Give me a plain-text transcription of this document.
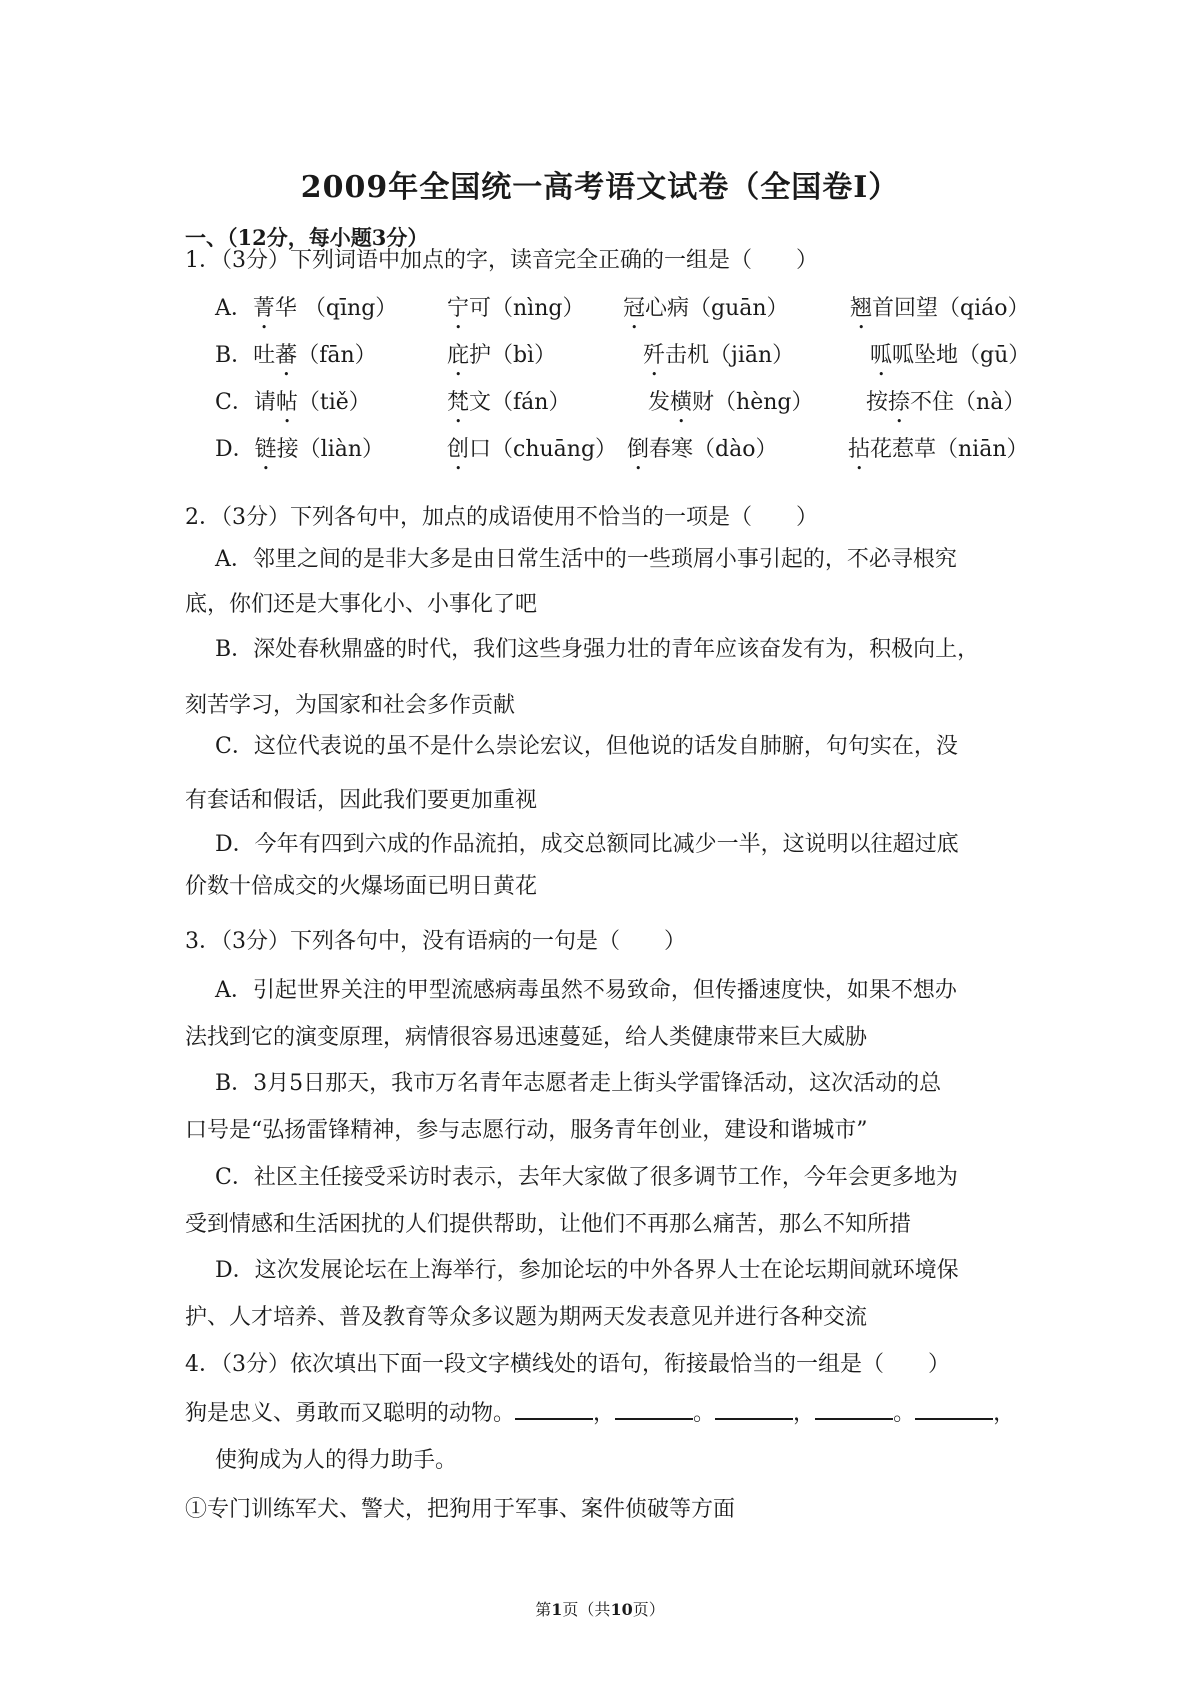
2009年全国统一高考语文试卷（全国卷Ⅰ）
一、（12分，每小题3分）
1．（3分）下列词语中加点的字，读音完全正确的一组是（　　）
A．菁华 （qīng） 宁可（nìng） 冠心病（guān）	翘首回望（qiáo）
B．吐蕃（fān）	庇护（bì）	歼击机（jiān）	呱呱坠地（gū）
C．请帖（tiě）	梵文（fán）	发横财（hèng） 按捺不住（nà）
D．链接（liàn）	创口（chuāng） 倒春寒（dào）	拈花惹草（niān）
2．（3分）下列各句中，加点的成语使用不恰当的一项是（　　）
A．邻里之间的是非大多是由日常生活中的一些琐屑小事引起的，不必寻根究
底，你们还是大事化小、小事化了吧
B．深处春秋鼎盛的时代，我们这些身强力壮的青年应该奋发有为，积极向上，
刻苦学习，为国家和社会多作贡献
C．这位代表说的虽不是什么崇论宏议，但他说的话发自肺腑，句句实在，没
有套话和假话，因此我们要更加重视
D．今年有四到六成的作品流拍，成交总额同比减少一半，这说明以往超过底
价数十倍成交的火爆场面已明日黄花
3．（3分）下列各句中，没有语病的一句是（　　）
A．引起世界关注的甲型流感病毒虽然不易致命，但传播速度快，如果不想办
法找到它的演变原理，病情很容易迅速蔓延，给人类健康带来巨大威胁
B．3月5日那天，我市万名青年志愿者走上街头学雷锋活动，这次活动的总
口号是“弘扬雷锋精神，参与志愿行动，服务青年创业，建设和谐城市”
C．社区主任接受采访时表示，去年大家做了很多调节工作，今年会更多地为
受到情感和生活困扰的人们提供帮助，让他们不再那么痛苦，那么不知所措
D．这次发展论坛在上海举行，参加论坛的中外各界人士在论坛期间就环境保
护、人才培养、普及教育等众多议题为期两天发表意见并进行各种交流
4．（3分）依次填出下面一段文字横线处的语句，衔接最恰当的一组是（　　）
狗是忠义、勇敢而又聪明的动物。	，	。	，	。	，
使狗成为人的得力助手。
①专门训练军犬、警犬，把狗用于军事、案件侦破等方面
第1页（共10页）
